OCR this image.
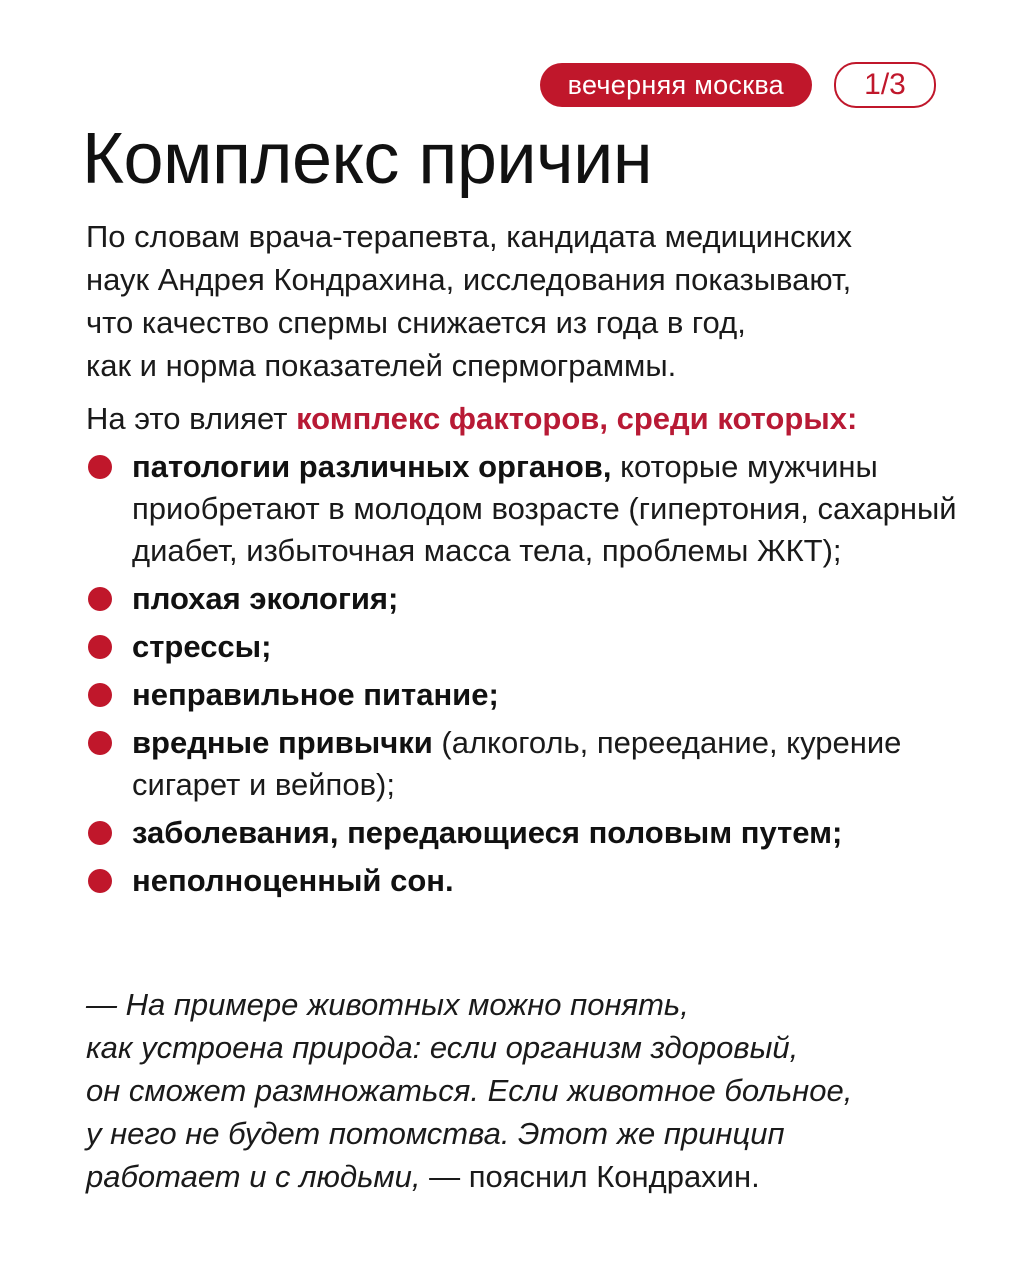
вечерняя москва	1/3
Комплекс причин

По словам врача-терапевта, кандидата медицинских

наук Андрея Кондрахина, исследования показывают,

что качество спермы снижается из года в год,

как и норма показателей спермограммы.

На это влияет комплекс факторов, среди которых:

патологии различных органов, которые мужчины приобретают в молодом возрасте (гипертония, сахарный диабет, избыточная масса тела, проблемы ЖКТ);
плохая экология;
стрессы;
неправильное питание;
вредные привычки (алкоголь, переедание, курение сигарет и вейпов);
заболевания, передающиеся половым путем;
неполноценный сон.

— На примере животных можно понять,

как устроена природа: если организм здоровый,

он сможет размножаться. Если животное больное,

у него не будет потомства. Этот же принцип

работает и с людьми, — пояснил Кондрахин.
